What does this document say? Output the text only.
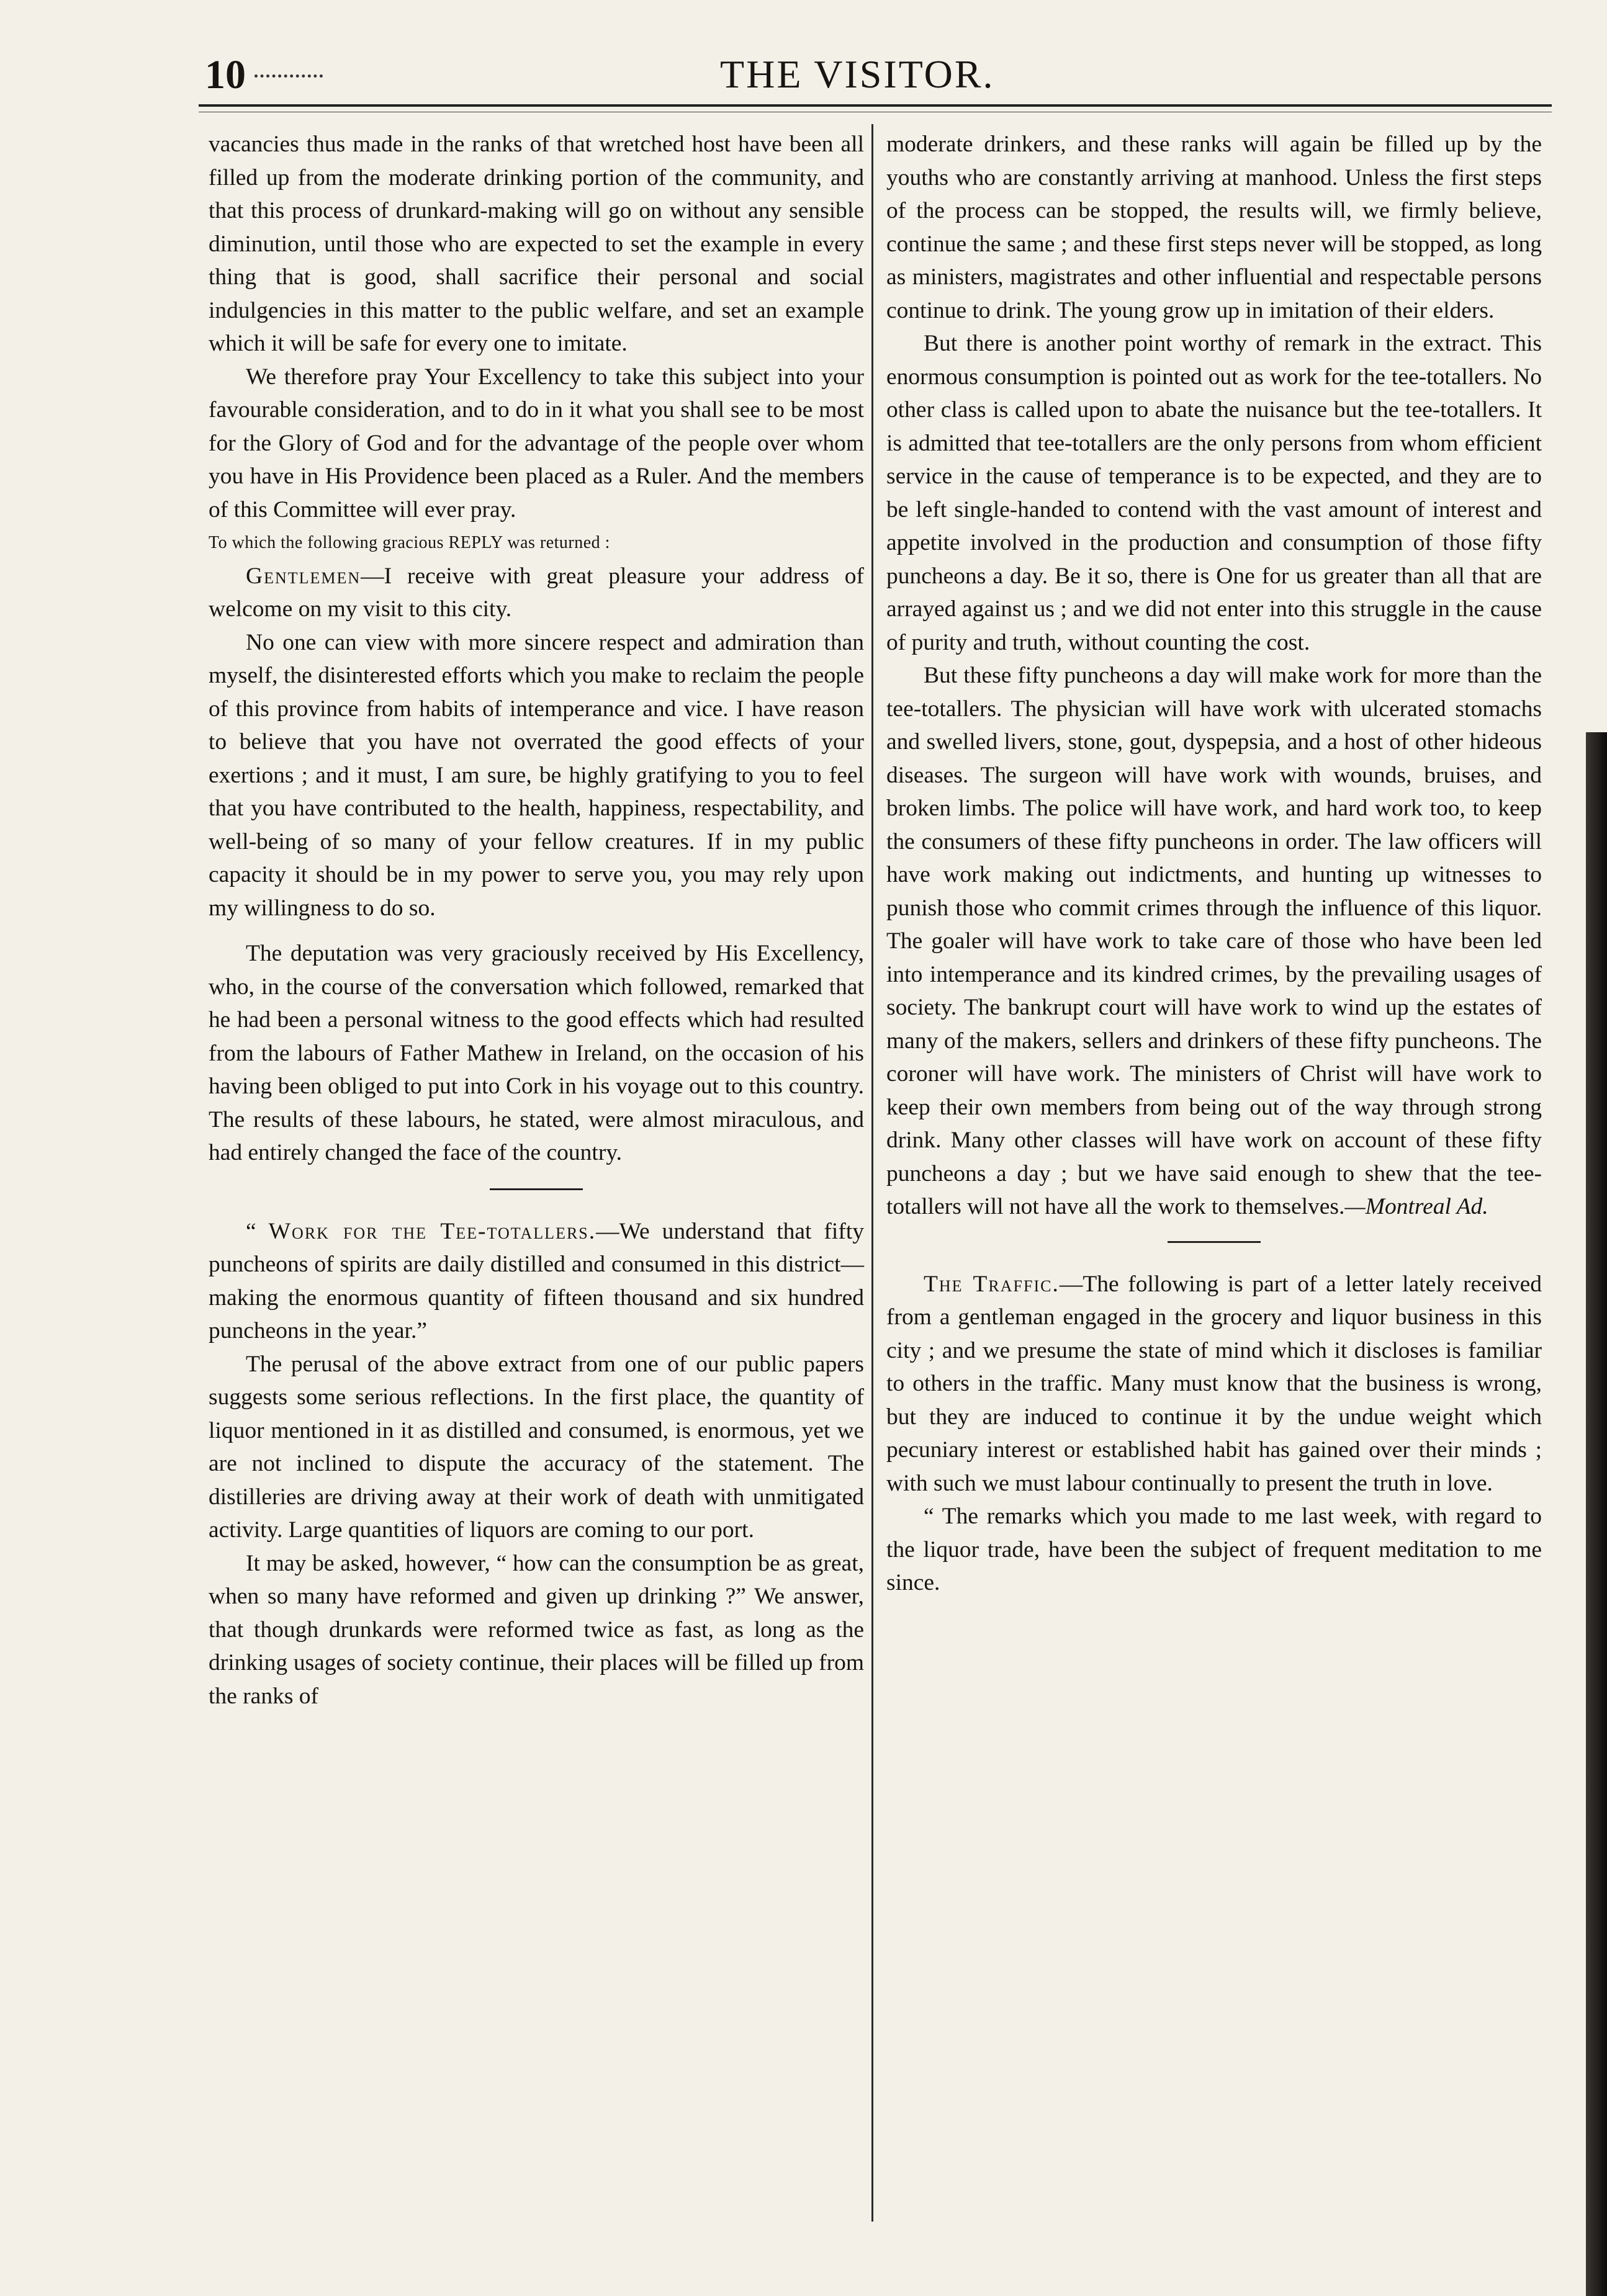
10	THE VISITOR.

vacancies thus made in the ranks of that wretched host have been all filled up from the moderate drinking portion of the community, and that this process of drunkard-making will go on without any sensible diminution, until those who are expected to set the example in every thing that is good, shall sacrifice their personal and social indulgencies in this matter to the public welfare, and set an example which it will be safe for every one to imitate.

We therefore pray Your Excellency to take this subject into your favourable consideration, and to do in it what you shall see to be most for the Glory of God and for the advantage of the people over whom you have in His Providence been placed as a Ruler. And the members of this Committee will ever pray.

To which the following gracious REPLY was returned :

Gentlemen—I receive with great pleasure your address of welcome on my visit to this city.

No one can view with more sincere respect and admiration than myself, the disinterested efforts which you make to reclaim the people of this province from habits of intemperance and vice. I have reason to believe that you have not overrated the good effects of your exertions ; and it must, I am sure, be highly gratifying to you to feel that you have contributed to the health, happiness, respectability, and well-being of so many of your fellow creatures. If in my public capacity it should be in my power to serve you, you may rely upon my willingness to do so.

The deputation was very graciously received by His Excellency, who, in the course of the conversation which followed, remarked that he had been a personal witness to the good effects which had resulted from the labours of Father Mathew in Ireland, on the occasion of his having been obliged to put into Cork in his voyage out to this country. The results of these labours, he stated, were almost miraculous, and had entirely changed the face of the country.

“ Work for the Tee-totallers.—We understand that fifty puncheons of spirits are daily distilled and consumed in this district—making the enormous quantity of fifteen thousand and six hundred puncheons in the year.”

The perusal of the above extract from one of our public papers suggests some serious reflections. In the first place, the quantity of liquor mentioned in it as distilled and consumed, is enormous, yet we are not inclined to dispute the accuracy of the statement. The distilleries are driving away at their work of death with unmitigated activity. Large quantities of liquors are coming to our port.

It may be asked, however, “ how can the consumption be as great, when so many have reformed and given up drinking ?” We answer, that though drunkards were reformed twice as fast, as long as the drinking usages of society continue, their places will be filled up from the ranks of

moderate drinkers, and these ranks will again be filled up by the youths who are constantly arriving at manhood. Unless the first steps of the process can be stopped, the results will, we firmly believe, continue the same ; and these first steps never will be stopped, as long as ministers, magistrates and other influential and respectable persons continue to drink. The young grow up in imitation of their elders.

But there is another point worthy of remark in the extract. This enormous consumption is pointed out as work for the tee-totallers. No other class is called upon to abate the nuisance but the tee-totallers. It is admitted that tee-totallers are the only persons from whom efficient service in the cause of temperance is to be expected, and they are to be left single-handed to contend with the vast amount of interest and appetite involved in the production and consumption of those fifty puncheons a day. Be it so, there is One for us greater than all that are arrayed against us ; and we did not enter into this struggle in the cause of purity and truth, without counting the cost.

But these fifty puncheons a day will make work for more than the tee-totallers. The physician will have work with ulcerated stomachs and swelled livers, stone, gout, dyspepsia, and a host of other hideous diseases. The surgeon will have work with wounds, bruises, and broken limbs. The police will have work, and hard work too, to keep the consumers of these fifty puncheons in order. The law officers will have work making out indictments, and hunting up witnesses to punish those who commit crimes through the influence of this liquor. The goaler will have work to take care of those who have been led into intemperance and its kindred crimes, by the prevailing usages of society. The bankrupt court will have work to wind up the estates of many of the makers, sellers and drinkers of these fifty puncheons. The coroner will have work. The ministers of Christ will have work to keep their own members from being out of the way through strong drink. Many other classes will have work on account of these fifty puncheons a day ; but we have said enough to shew that the tee-totallers will not have all the work to themselves.—Montreal Ad.

The Traffic.—The following is part of a letter lately received from a gentleman engaged in the grocery and liquor business in this city ; and we presume the state of mind which it discloses is familiar to others in the traffic. Many must know that the business is wrong, but they are induced to continue it by the undue weight which pecuniary interest or established habit has gained over their minds ; with such we must labour continually to present the truth in love.

“ The remarks which you made to me last week, with regard to the liquor trade, have been the subject of frequent meditation to me since.
